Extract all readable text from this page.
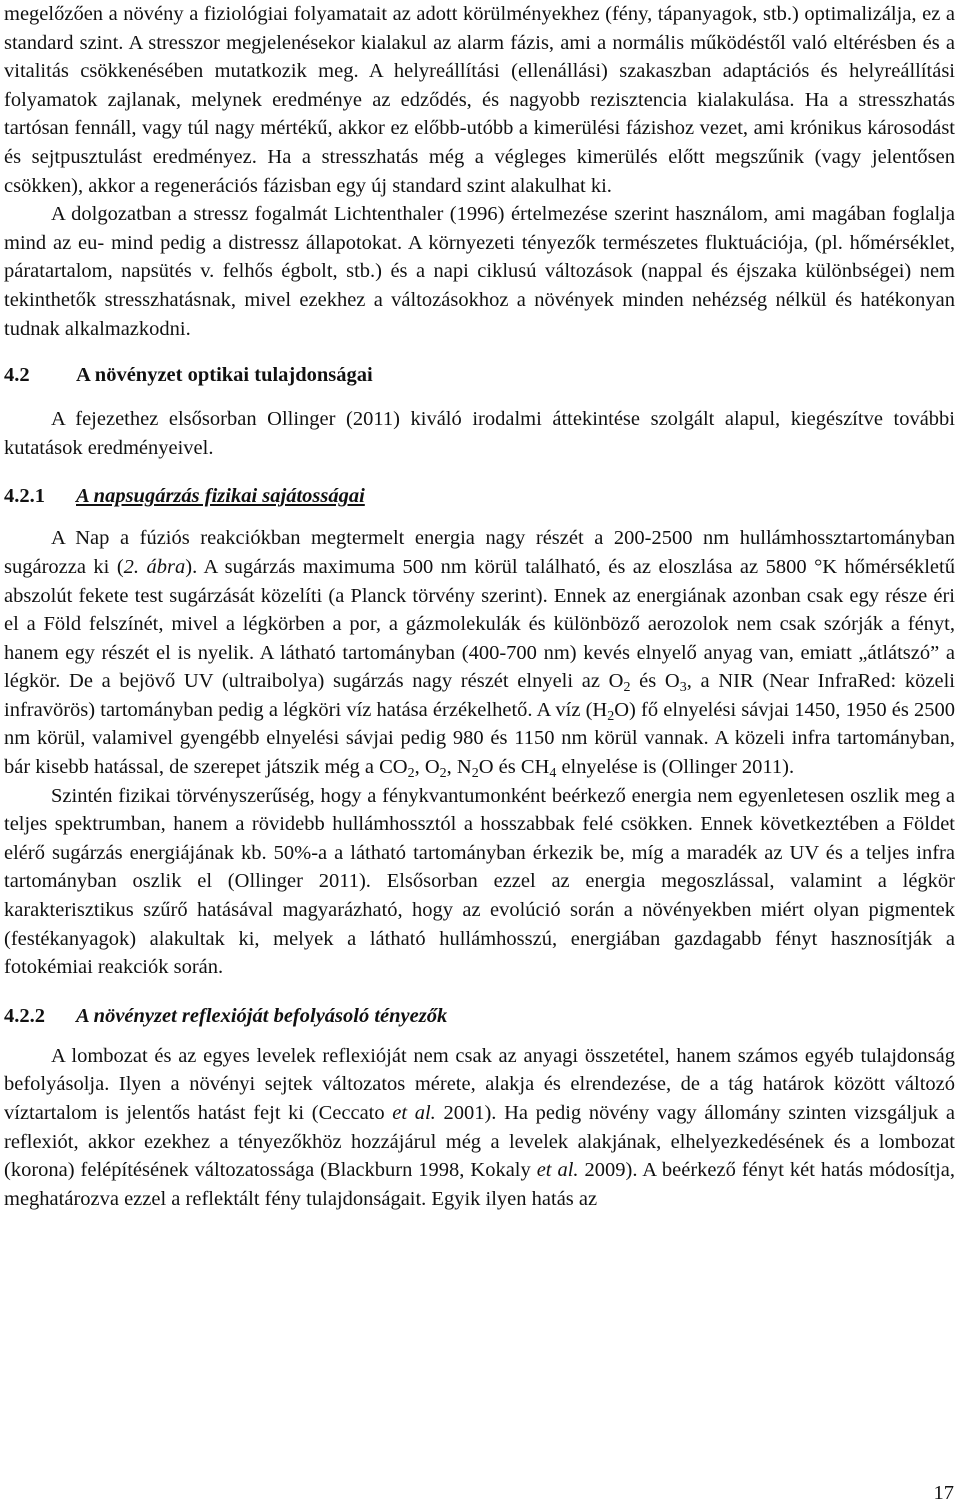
megelőzően a növény a fiziológiai folyamatait az adott körülményekhez (fény, tápanyagok, stb.) optimalizálja, ez a standard szint. A stresszor megjelenésekor kialakul az alarm fázis, ami a normális működéstől való eltérésben és a vitalitás csökkenésében mutatkozik meg. A helyreállítási (ellenállási) szakaszban adaptációs és helyreállítási folyamatok zajlanak, melynek eredménye az edződés, és nagyobb rezisztencia kialakulása. Ha a stresszhatás tartósan fennáll, vagy túl nagy mértékű, akkor ez előbb-utóbb a kimerülési fázishoz vezet, ami krónikus károsodást és sejtpusztulást eredményez. Ha a stresszhatás még a végleges kimerülés előtt megszűnik (vagy jelentősen csökken), akkor a regenerációs fázisban egy új standard szint alakulhat ki.

A dolgozatban a stressz fogalmát Lichtenthaler (1996) értelmezése szerint használom, ami magában foglalja mind az eu- mind pedig a distressz állapotokat. A környezeti tényezők természetes fluktuációja, (pl. hőmérséklet, páratartalom, napsütés v. felhős égbolt, stb.) és a napi ciklusú változások (nappal és éjszaka különbségei) nem tekinthetők stresszhatásnak, mivel ezekhez a változásokhoz a növények minden nehézség nélkül és hatékonyan tudnak alkalmazkodni.

4.2 A növényzet optikai tulajdonságai

A fejezethez elsősorban Ollinger (2011) kiváló irodalmi áttekintése szolgált alapul, kiegészítve további kutatások eredményeivel.

4.2.1 A napsugárzás fizikai sajátosságai

A Nap a fúziós reakciókban megtermelt energia nagy részét a 200-2500 nm hullámhossztartományban sugározza ki (2. ábra). A sugárzás maximuma 500 nm körül található, és az eloszlása az 5800 °K hőmérsékletű abszolút fekete test sugárzását közelíti (a Planck törvény szerint). Ennek az energiának azonban csak egy része éri el a Föld felszínét, mivel a légkörben a por, a gázmolekulák és különböző aerozolok nem csak szórják a fényt, hanem egy részét el is nyelik. A látható tartományban (400-700 nm) kevés elnyelő anyag van, emiatt „átlátszó” a légkör. De a bejövő UV (ultraibolya) sugárzás nagy részét elnyeli az $O_2$ és $O_3$, a NIR (Near InfraRed: közeli infravörös) tartományban pedig a légköri víz hatása érzékelhető. A víz $(H_2O)$ fő elnyelési sávjai 1450, 1950 és 2500 nm körül, valamivel gyengébb elnyelési sávjai pedig 980 és 1150 nm körül vannak. A közeli infra tartományban, bár kisebb hatással, de szerepet játszik még a $CO_2$, $O_2$, $N_2O$ és $CH_4$ elnyelése is (Ollinger 2011).

Szintén fizikai törvényszerűség, hogy a fénykvantumonként beérkező energia nem egyenletesen oszlik meg a teljes spektrumban, hanem a rövidebb hullámhossztól a hosszabbak felé csökken. Ennek következtében a Földet elérő sugárzás energiájának kb. 50%-a a látható tartományban érkezik be, míg a maradék az UV és a teljes infra tartományban oszlik el (Ollinger 2011). Elsősorban ezzel az energia megoszlással, valamint a légkör karakterisztikus szűrő hatásával magyarázható, hogy az evolúció során a növényekben miért olyan pigmentek (festékanyagok) alakultak ki, melyek a látható hullámhosszú, energiában gazdagabb fényt hasznosítják a fotokémiai reakciók során.

4.2.2 A növényzet reflexióját befolyásoló tényezők

A lombozat és az egyes levelek reflexióját nem csak az anyagi összetétel, hanem számos egyéb tulajdonság befolyásolja. Ilyen a növényi sejtek változatos mérete, alakja és elrendezése, de a tág határok között változó víztartalom is jelentős hatást fejt ki (Ceccato et al. 2001). Ha pedig növény vagy állomány szinten vizsgáljuk a reflexiót, akkor ezekhez a tényezőkhöz hozzájárul még a levelek alakjának, elhelyezkedésének és a lombozat (korona) felépítésének változatossága (Blackburn 1998, Kokaly et al. 2009). A beérkező fényt két hatás módosítja, meghatározva ezzel a reflektált fény tulajdonságait. Egyik ilyen hatás az

17
